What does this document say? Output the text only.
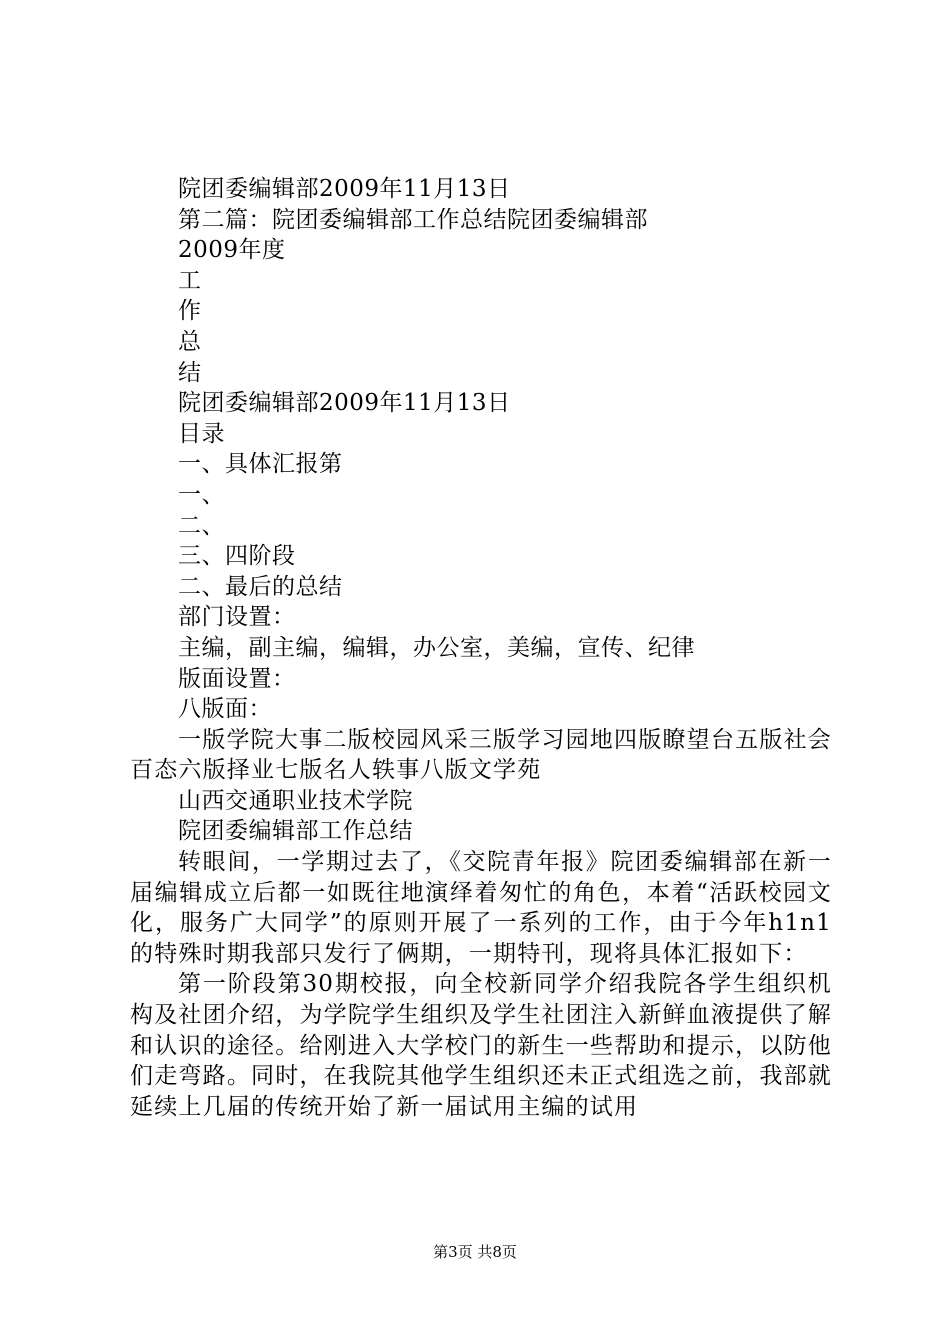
院团委编辑部2009年11月13日
第二篇：院团委编辑部工作总结院团委编辑部
2009年度
工
作
总
结
院团委编辑部2009年11月13日
目录
一、具体汇报第
一、
二、
三、四阶段
二、最后的总结
部门设置：
主编，副主编，编辑，办公室，美编，宣传、纪律
版面设置：
八版面：
一版学院大事二版校园风采三版学习园地四版瞭望台五版社会百态六版择业七版名人轶事八版文学苑
山西交通职业技术学院
院团委编辑部工作总结
转眼间，一学期过去了，《交院青年报》院团委编辑部在新一届编辑成立后都一如既往地演绎着匆忙的角色，本着“活跃校园文化，服务广大同学”的原则开展了一系列的工作，由于今年h1n1的特殊时期我部只发行了俩期，一期特刊，现将具体汇报如下：
第一阶段第30期校报，向全校新同学介绍我院各学生组织机构及社团介绍，为学院学生组织及学生社团注入新鲜血液提供了解和认识的途径。给刚进入大学校门的新生一些帮助和提示，以防他们走弯路。同时，在我院其他学生组织还未正式组选之前，我部就延续上几届的传统开始了新一届试用主编的试用
第3页 共8页
